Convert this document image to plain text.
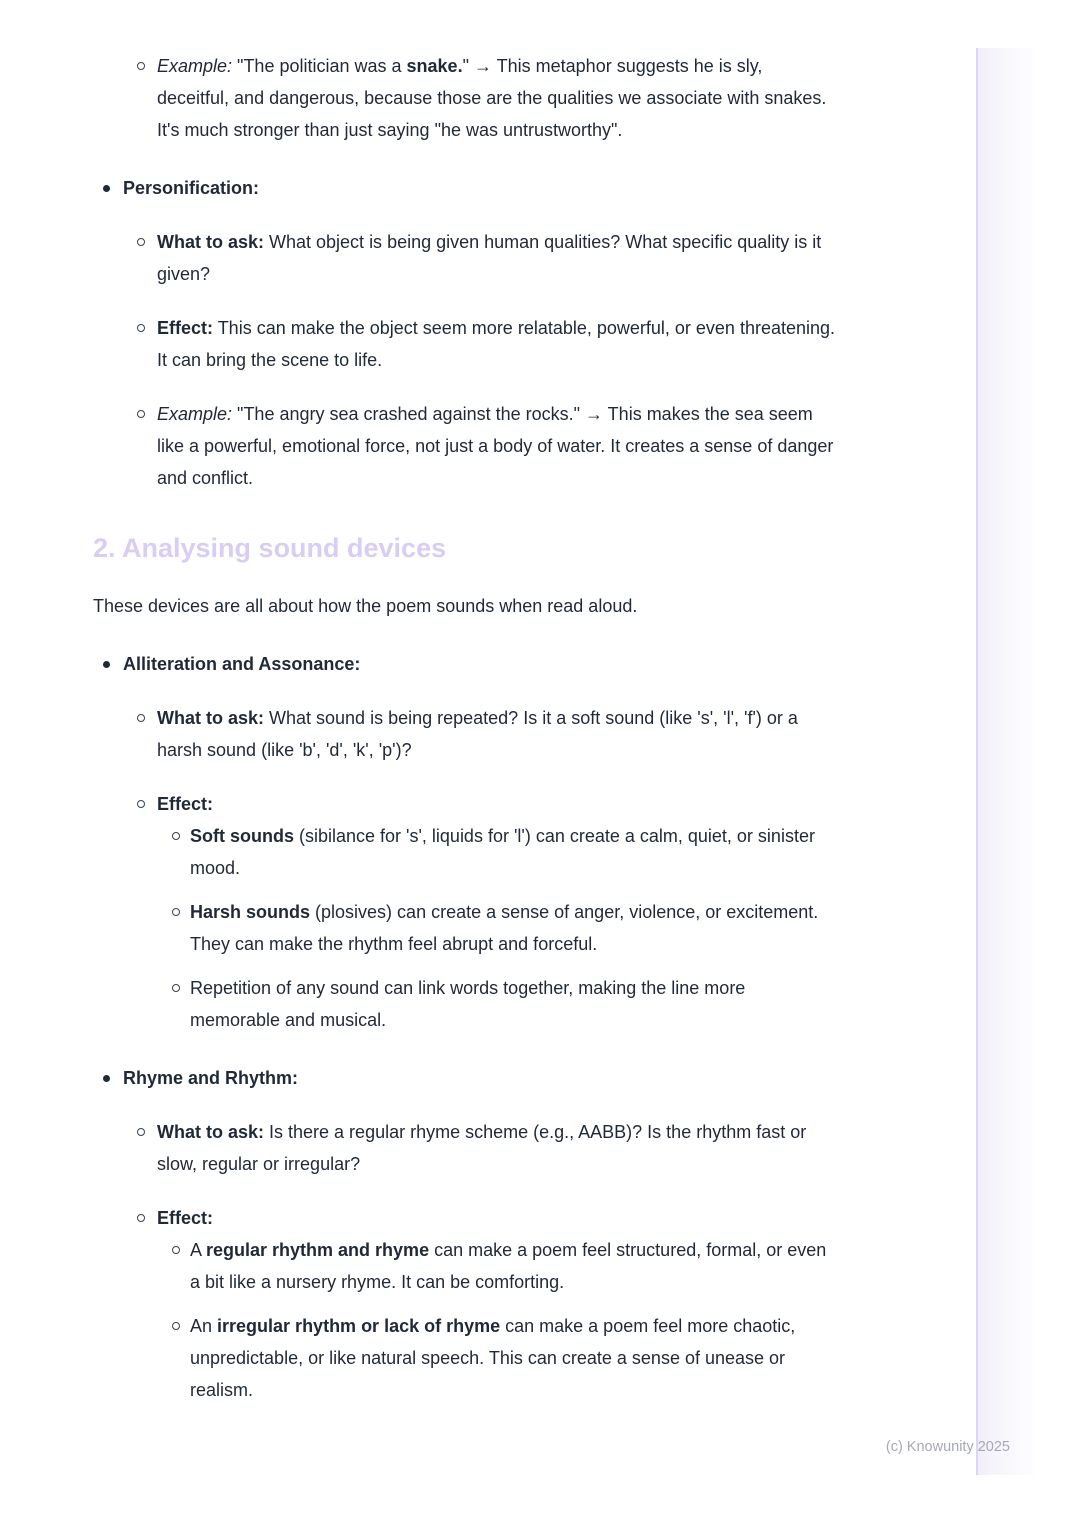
Example: "The politician was a snake." → This metaphor suggests he is sly, deceitful, and dangerous, because those are the qualities we associate with snakes. It's much stronger than just saying "he was untrustworthy".
Personification:
What to ask: What object is being given human qualities? What specific quality is it given?
Effect: This can make the object seem more relatable, powerful, or even threatening. It can bring the scene to life.
Example: "The angry sea crashed against the rocks." → This makes the sea seem like a powerful, emotional force, not just a body of water. It creates a sense of danger and conflict.
2. Analysing sound devices

These devices are all about how the poem sounds when read aloud.

Alliteration and Assonance:
What to ask: What sound is being repeated? Is it a soft sound (like 's', 'l', 'f') or a harsh sound (like 'b', 'd', 'k', 'p')?
Effect:
Soft sounds (sibilance for 's', liquids for 'l') can create a calm, quiet, or sinister mood.
Harsh sounds (plosives) can create a sense of anger, violence, or excitement. They can make the rhythm feel abrupt and forceful.
Repetition of any sound can link words together, making the line more memorable and musical.
Rhyme and Rhythm:
What to ask: Is there a regular rhyme scheme (e.g., AABB)? Is the rhythm fast or slow, regular or irregular?
Effect:
A regular rhythm and rhyme can make a poem feel structured, formal, or even a bit like a nursery rhyme. It can be comforting.
An irregular rhythm or lack of rhyme can make a poem feel more chaotic, unpredictable, or like natural speech. This can create a sense of unease or realism.
(c) Knowunity 2025
